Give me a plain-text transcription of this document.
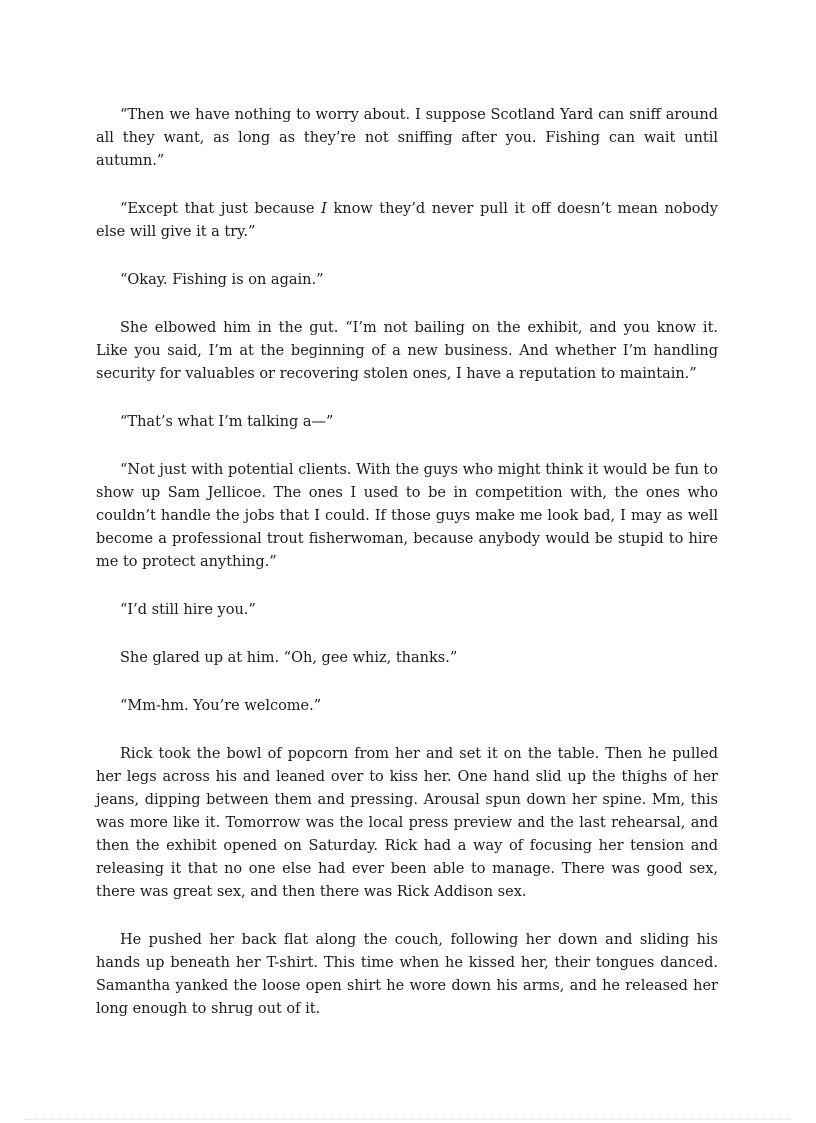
“Then we have nothing to worry about. I suppose Scotland Yard can sniff around all they want, as long as they’re not sniffing after you. Fishing can wait until autumn.”

“Except that just because I know they’d never pull it off doesn’t mean nobody else will give it a try.”

“Okay. Fishing is on again.”

She elbowed him in the gut. “I’m not bailing on the exhibit, and you know it. Like you said, I’m at the beginning of a new business. And whether I’m handling security for valuables or recovering stolen ones, I have a reputation to maintain.”

“That’s what I’m talking a—”

“Not just with potential clients. With the guys who might think it would be fun to show up Sam Jellicoe. The ones I used to be in competition with, the ones who couldn’t handle the jobs that I could. If those guys make me look bad, I may as well become a professional trout fisherwoman, because anybody would be stupid to hire me to protect anything.”

“I’d still hire you.”

She glared up at him. “Oh, gee whiz, thanks.”

“Mm-hm. You’re welcome.”

Rick took the bowl of popcorn from her and set it on the table. Then he pulled her legs across his and leaned over to kiss her. One hand slid up the thighs of her jeans, dipping between them and pressing. Arousal spun down her spine. Mm, this was more like it. Tomorrow was the local press preview and the last rehearsal, and then the exhibit opened on Saturday. Rick had a way of focusing her tension and releasing it that no one else had ever been able to manage. There was good sex, there was great sex, and then there was Rick Addison sex.

He pushed her back flat along the couch, following her down and sliding his hands up beneath her T-shirt. This time when he kissed her, their tongues danced. Samantha yanked the loose open shirt he wore down his arms, and he released her long enough to shrug out of it.
